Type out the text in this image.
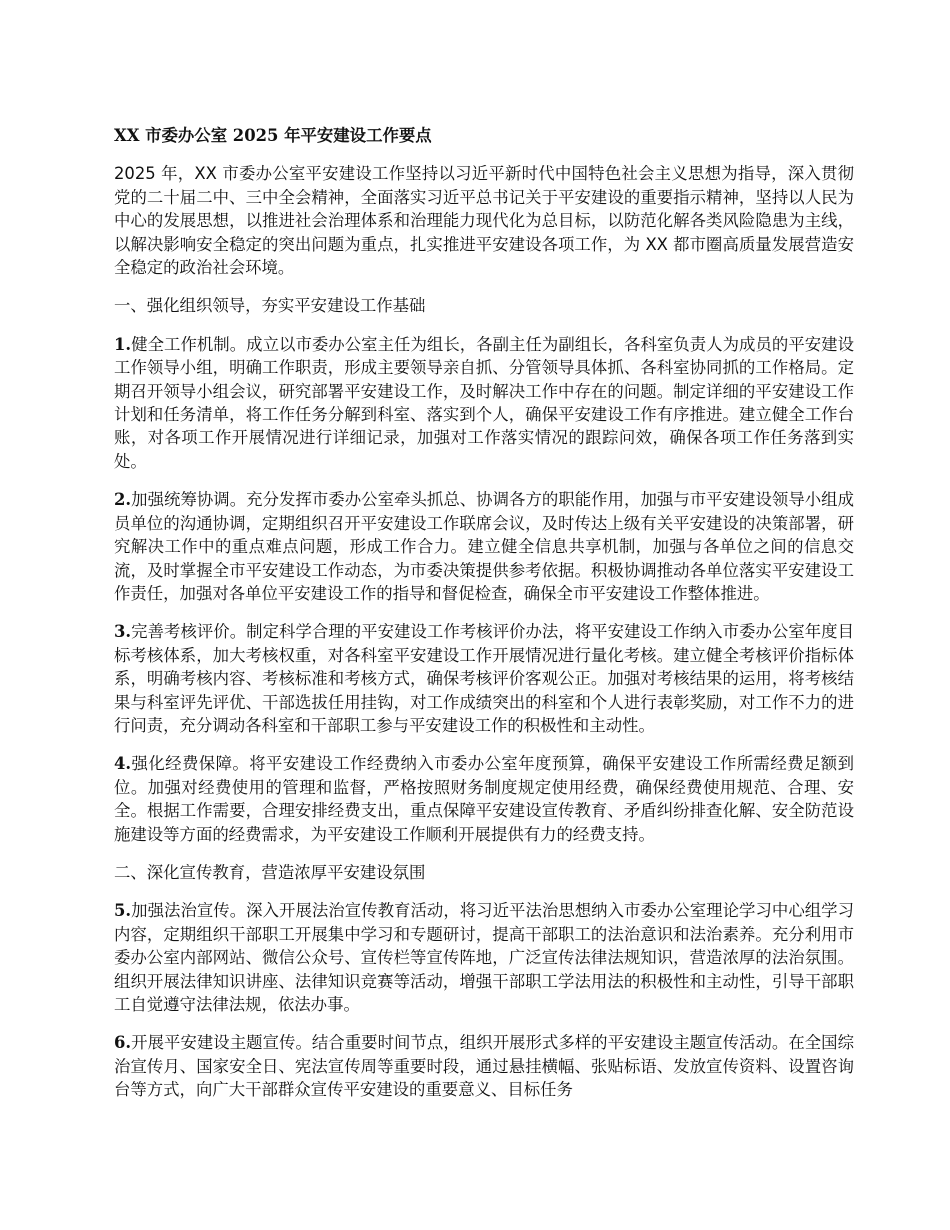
XX 市委办公室 2025 年平安建设工作要点

2025 年，XX 市委办公室平安建设工作坚持以习近平新时代中国特色社会主义思想为指导，深入贯彻党的二十届二中、三中全会精神，全面落实习近平总书记关于平安建设的重要指示精神，坚持以人民为中心的发展思想，以推进社会治理体系和治理能力现代化为总目标，以防范化解各类风险隐患为主线，以解决影响安全稳定的突出问题为重点，扎实推进平安建设各项工作，为 XX 都市圈高质量发展营造安全稳定的政治社会环境。

一、强化组织领导，夯实平安建设工作基础

1.健全工作机制。成立以市委办公室主任为组长，各副主任为副组长，各科室负责人为成员的平安建设工作领导小组，明确工作职责，形成主要领导亲自抓、分管领导具体抓、各科室协同抓的工作格局。定期召开领导小组会议，研究部署平安建设工作，及时解决工作中存在的问题。制定详细的平安建设工作计划和任务清单，将工作任务分解到科室、落实到个人，确保平安建设工作有序推进。建立健全工作台账，对各项工作开展情况进行详细记录，加强对工作落实情况的跟踪问效，确保各项工作任务落到实处。

2.加强统筹协调。充分发挥市委办公室牵头抓总、协调各方的职能作用，加强与市平安建设领导小组成员单位的沟通协调，定期组织召开平安建设工作联席会议，及时传达上级有关平安建设的决策部署，研究解决工作中的重点难点问题，形成工作合力。建立健全信息共享机制，加强与各单位之间的信息交流，及时掌握全市平安建设工作动态，为市委决策提供参考依据。积极协调推动各单位落实平安建设工作责任，加强对各单位平安建设工作的指导和督促检查，确保全市平安建设工作整体推进。

3.完善考核评价。制定科学合理的平安建设工作考核评价办法，将平安建设工作纳入市委办公室年度目标考核体系，加大考核权重，对各科室平安建设工作开展情况进行量化考核。建立健全考核评价指标体系，明确考核内容、考核标准和考核方式，确保考核评价客观公正。加强对考核结果的运用，将考核结果与科室评先评优、干部选拔任用挂钩，对工作成绩突出的科室和个人进行表彰奖励，对工作不力的进行问责，充分调动各科室和干部职工参与平安建设工作的积极性和主动性。

4.强化经费保障。将平安建设工作经费纳入市委办公室年度预算，确保平安建设工作所需经费足额到位。加强对经费使用的管理和监督，严格按照财务制度规定使用经费，确保经费使用规范、合理、安全。根据工作需要，合理安排经费支出，重点保障平安建设宣传教育、矛盾纠纷排查化解、安全防范设施建设等方面的经费需求，为平安建设工作顺利开展提供有力的经费支持。

二、深化宣传教育，营造浓厚平安建设氛围

5.加强法治宣传。深入开展法治宣传教育活动，将习近平法治思想纳入市委办公室理论学习中心组学习内容，定期组织干部职工开展集中学习和专题研讨，提高干部职工的法治意识和法治素养。充分利用市委办公室内部网站、微信公众号、宣传栏等宣传阵地，广泛宣传法律法规知识，营造浓厚的法治氛围。组织开展法律知识讲座、法律知识竞赛等活动，增强干部职工学法用法的积极性和主动性，引导干部职工自觉遵守法律法规，依法办事。

6.开展平安建设主题宣传。结合重要时间节点，组织开展形式多样的平安建设主题宣传活动。在全国综治宣传月、国家安全日、宪法宣传周等重要时段，通过悬挂横幅、张贴标语、发放宣传资料、设置咨询台等方式，向广大干部群众宣传平安建设的重要意义、目标任务
